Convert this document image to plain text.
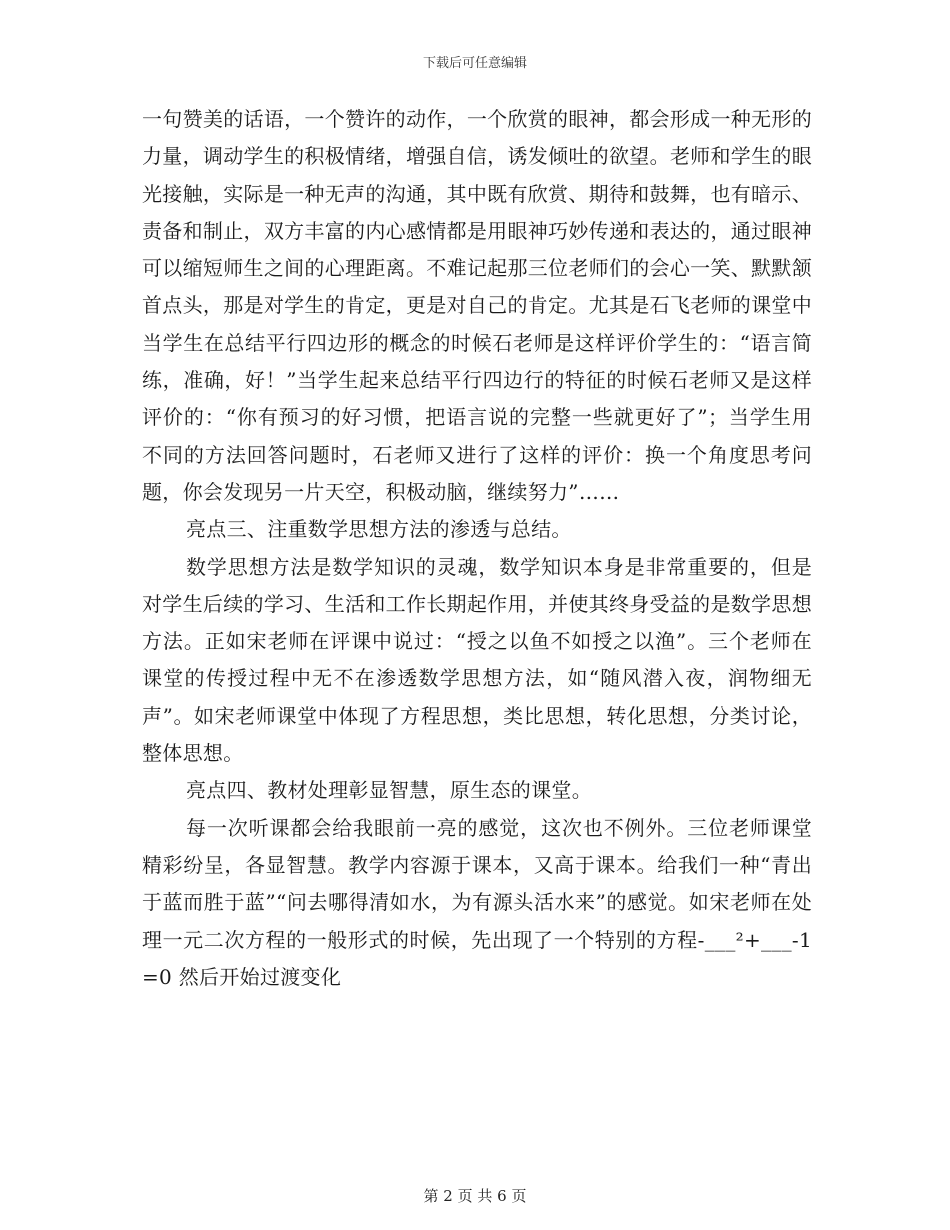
下载后可任意编辑

一句赞美的话语，一个赞许的动作，一个欣赏的眼神，都会形成一种无形的力量，调动学生的积极情绪，增强自信，诱发倾吐的欲望。老师和学生的眼光接触，实际是一种无声的沟通，其中既有欣赏、期待和鼓舞，也有暗示、责备和制止，双方丰富的内心感情都是用眼神巧妙传递和表达的，通过眼神可以缩短师生之间的心理距离。不难记起那三位老师们的会心一笑、默默颔首点头，那是对学生的肯定，更是对自己的肯定。尤其是石飞老师的课堂中当学生在总结平行四边形的概念的时候石老师是这样评价学生的：“语言简练，准确，好！”当学生起来总结平行四边行的特征的时候石老师又是这样评价的：“你有预习的好习惯，把语言说的完整一些就更好了”；当学生用不同的方法回答问题时，石老师又进行了这样的评价：换一个角度思考问题，你会发现另一片天空，积极动脑，继续努力”……

亮点三、注重数学思想方法的渗透与总结。

数学思想方法是数学知识的灵魂，数学知识本身是非常重要的，但是对学生后续的学习、生活和工作长期起作用，并使其终身受益的是数学思想方法。正如宋老师在评课中说过：“授之以鱼不如授之以渔”。三个老师在课堂的传授过程中无不在渗透数学思想方法，如“随风潜入夜，润物细无声”。如宋老师课堂中体现了方程思想，类比思想，转化思想，分类讨论，整体思想。

亮点四、教材处理彰显智慧，原生态的课堂。

每一次听课都会给我眼前一亮的感觉，这次也不例外。三位老师课堂精彩纷呈，各显智慧。教学内容源于课本，又高于课本。给我们一种“青出于蓝而胜于蓝”“问去哪得清如水，为有源头活水来”的感觉。如宋老师在处理一元二次方程的一般形式的时候，先出现了一个特别的方程-___²+___-1=0 然后开始过渡变化

第 2 页 共 6 页
